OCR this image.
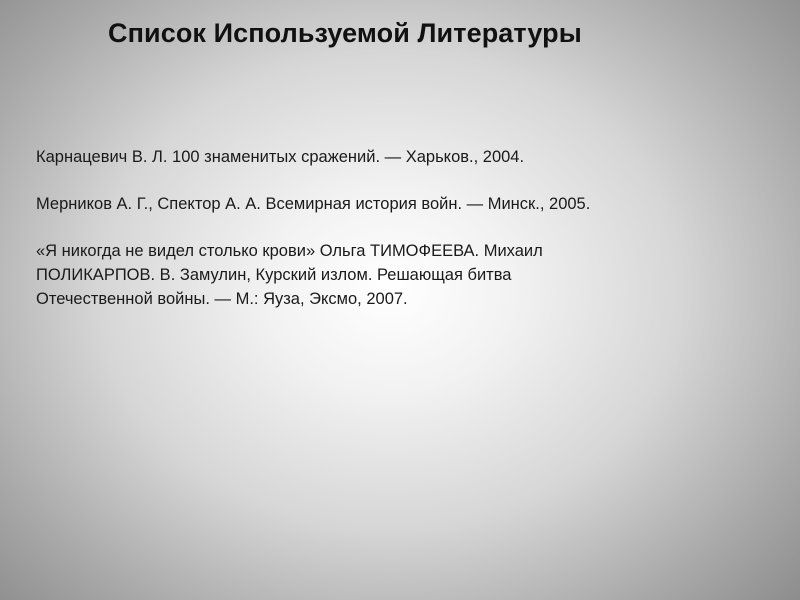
Список Используемой Литературы

Карнацевич В. Л. 100 знаменитых сражений. — Харьков., 2004.

Мерников А. Г., Спектор А. А. Всемирная история войн. — Минск., 2005.

«Я никогда не видел столько крови» Ольга ТИМОФЕЕВА. Михаил
ПОЛИКАРПОВ. В. Замулин, Курский излом. Решающая битва
Отечественной войны. — М.: Яуза, Эксмо, 2007.
